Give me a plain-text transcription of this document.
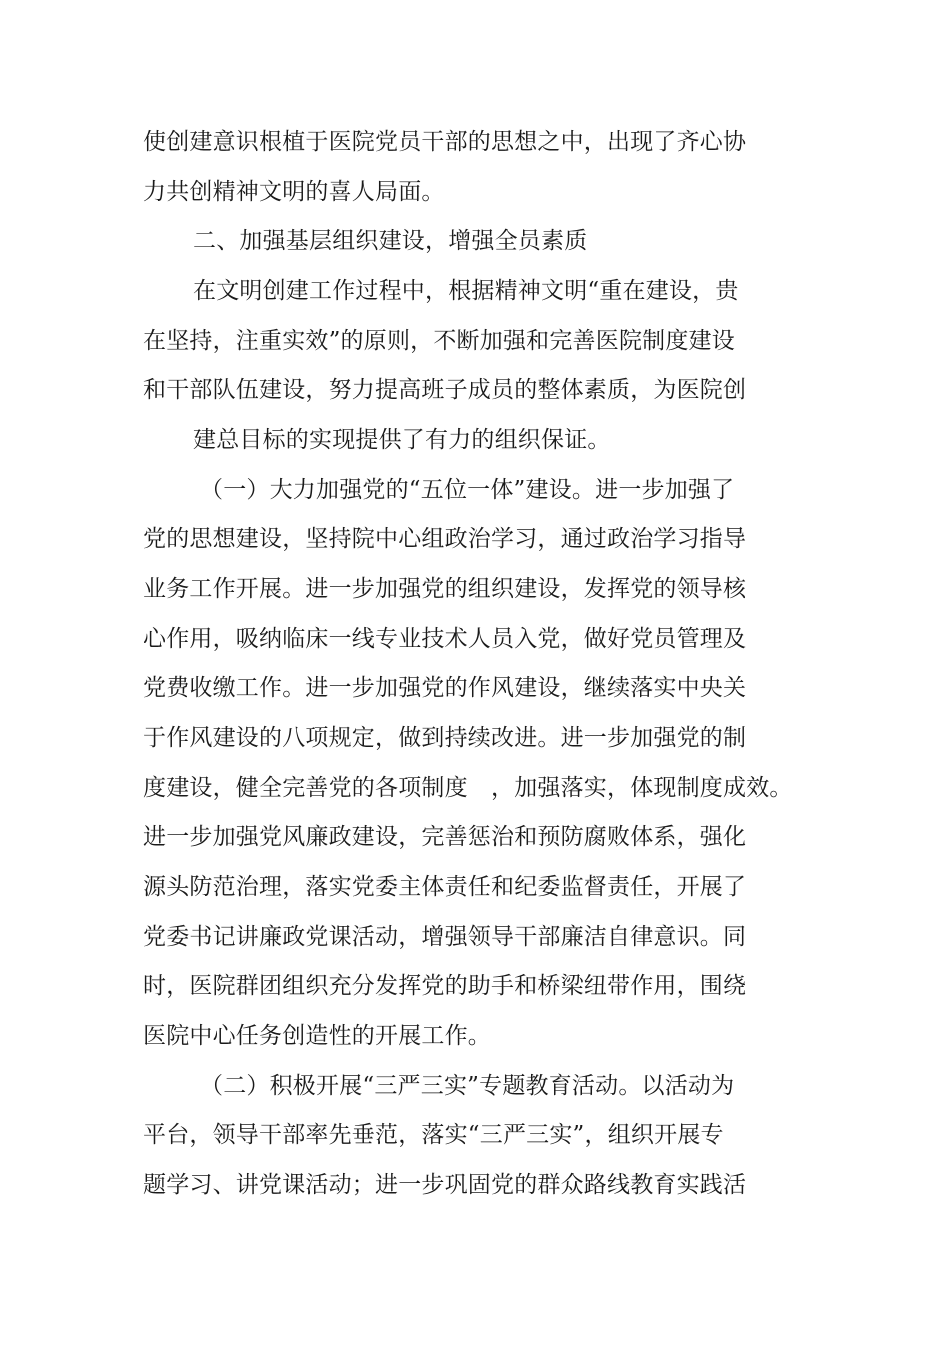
使创建意识根植于医院党员干部的思想之中，出现了齐心协
力共创精神文明的喜人局面。
二、加强基层组织建设，增强全员素质
在文明创建工作过程中，根据精神文明“重在建设，贵
在坚持，注重实效”的原则，不断加强和完善医院制度建设
和干部队伍建设，努力提高班子成员的整体素质，为医院创
建总目标的实现提供了有力的组织保证。
（一）大力加强党的“五位一体”建设。进一步加强了
党的思想建设，坚持院中心组政治学习，通过政治学习指导
业务工作开展。进一步加强党的组织建设，发挥党的领导核
心作用，吸纳临床一线专业技术人员入党，做好党员管理及
党费收缴工作。进一步加强党的作风建设，继续落实中央关
于作风建设的八项规定，做到持续改进。进一步加强党的制
度建设，健全完善党的各项制度　，加强落实，体现制度成效。
进一步加强党风廉政建设，完善惩治和预防腐败体系，强化
源头防范治理，落实党委主体责任和纪委监督责任，开展了
党委书记讲廉政党课活动，增强领导干部廉洁自律意识。同
时，医院群团组织充分发挥党的助手和桥梁纽带作用，围绕
医院中心任务创造性的开展工作。
（二）积极开展“三严三实”专题教育活动。以活动为
平台，领导干部率先垂范，落实“三严三实”，组织开展专
题学习、讲党课活动；进一步巩固党的群众路线教育实践活
